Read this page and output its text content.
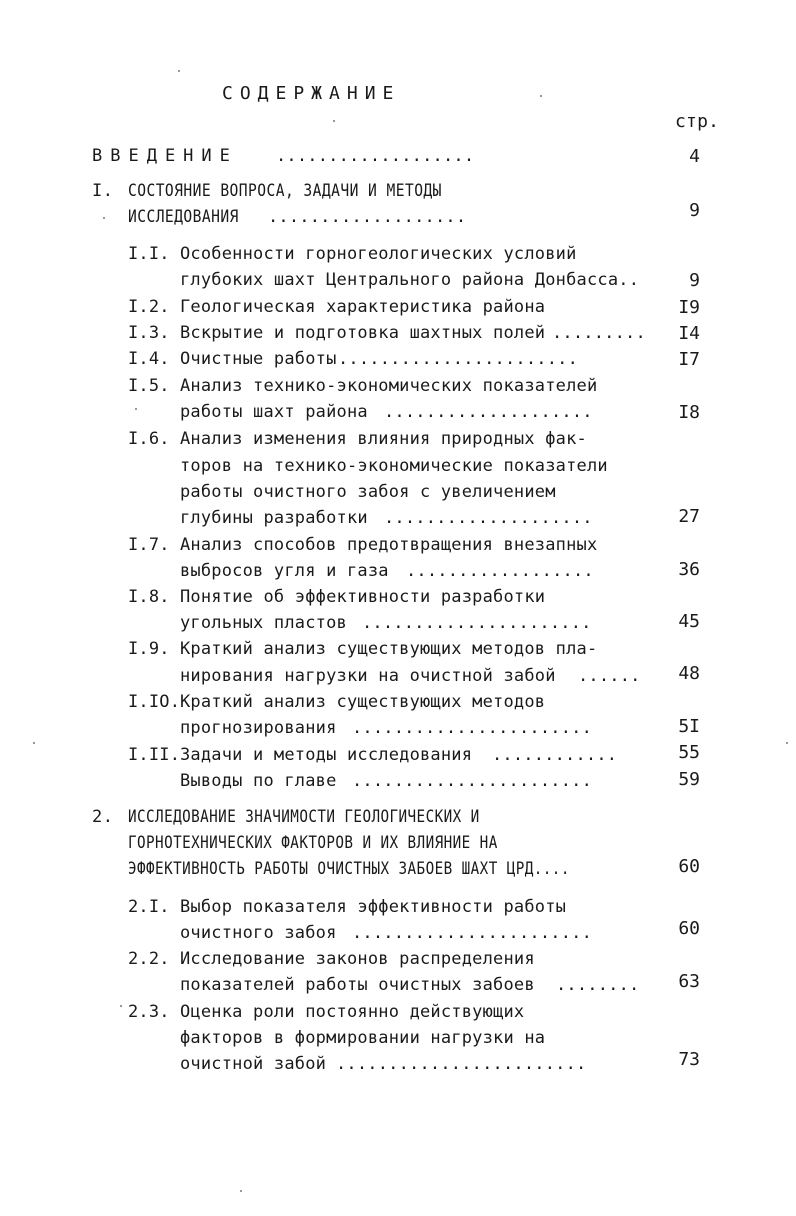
СОДЕРЖАНИЕ
стр.
ВВЕДЕНИЕ ...................	4
I. СОСТОЯНИЕ ВОПРОСА, ЗАДАЧИ И МЕТОДЫ
ИССЛЕДОВАНИЯ ...................	9
I.I. Особенности горногеологических условий
глубоких шахт Центрального района Донбасса..	9
I.2. Геологическая характеристика района	I9
I.3. Вскрытие и подготовка шахтных полей .........	I4
I.4. Очистные работы .......................	I7
I.5. Анализ технико-экономических показателей
работы шахт района ....................	I8
I.6. Анализ изменения влияния природных фак-
торов на технико-экономические показатели
работы очистного забоя с увеличением
глубины разработки ....................	27
I.7. Анализ способов предотвращения внезапных
выбросов угля и газа ..................	36
I.8. Понятие об эффективности разработки
угольных пластов ......................	45
I.9. Краткий анализ существующих методов пла-
нирования нагрузки на очистной забой ......	48
I.IO. Краткий анализ существующих методов
прогнозирования .......................	5I
I.II. Задачи и методы исследования ............	55
Выводы по главе .......................	59
2. ИССЛЕДОВАНИЕ ЗНАЧИМОСТИ ГЕОЛОГИЧЕСКИХ И
ГОРНОТЕХНИЧЕСКИХ ФАКТОРОВ И ИХ ВЛИЯНИЕ НА
ЭФФЕКТИВНОСТЬ РАБОТЫ ОЧИСТНЫХ ЗАБОЕВ ШАХТ ЦРД....	60
2.I. Выбор показателя эффективности работы
очистного забоя .......................	60
2.2. Исследование законов распределения
показателей работы очистных забоев ........	63
2.3. Оценка роли постоянно действующих
факторов в формировании нагрузки на
очистной забой ........................	73
